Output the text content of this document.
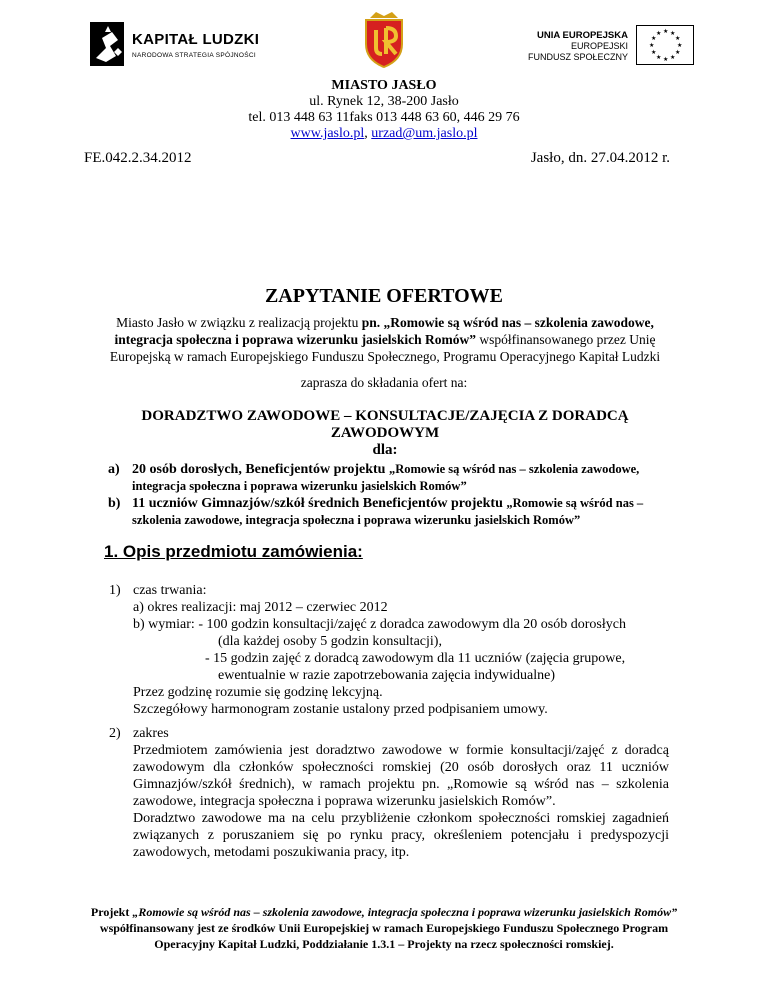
KAPITAŁ LUDZKI
NARODOWA STRATEGIA SPÓJNOŚCI
UNIA EUROPEJSKA
EUROPEJSKI
FUNDUSZ SPOŁECZNY
★ ★
★
★
★
★
★
★
★
★
★
★
MIASTO JASŁO
ul. Rynek 12, 38-200 Jasło
tel. 013 448 63 11faks 013 448 63 60, 446 29 76
www.jaslo.pl, urzad@um.jaslo.pl
FE.042.2.34.2012	Jasło, dn. 27.04.2012 r.
ZAPYTANIE OFERTOWE
Miasto Jasło w związku z realizacją projektu pn. „Romowie są wśród nas – szkolenia zawodowe, integracja społeczna i poprawa wizerunku jasielskich Romów” współfinansowanego przez Unię Europejską w ramach Europejskiego Funduszu Społecznego, Programu Operacyjnego Kapitał Ludzki
zaprasza do składania ofert na:
DORADZTWO ZAWODOWE – KONSULTACJE/ZAJĘCIA Z DORADCĄ
ZAWODOWYM
dla:
a) 20 osób dorosłych, Beneficjentów projektu „Romowie są wśród nas – szkolenia zawodowe, integracja społeczna i poprawa wizerunku jasielskich Romów”
b) 11 uczniów Gimnazjów/szkół średnich Beneficjentów projektu „Romowie są wśród nas – szkolenia zawodowe, integracja społeczna i poprawa wizerunku jasielskich Romów”
1. Opis przedmiotu zamówienia:
1) czas trwania:
a) okres realizacji: maj 2012 – czerwiec 2012
b) wymiar: - 100 godzin konsultacji/zajęć z doradca zawodowym dla 20 osób dorosłych
(dla każdej osoby 5 godzin konsultacji),
- 15 godzin zajęć z doradcą zawodowym dla 11 uczniów (zajęcia grupowe,
ewentualnie w razie zapotrzebowania zajęcia indywidualne)
Przez godzinę rozumie się godzinę lekcyjną.
Szczegółowy harmonogram zostanie ustalony przed podpisaniem umowy.
2) zakres
Przedmiotem zamówienia jest doradztwo zawodowe w formie konsultacji/zajęć z doradcą zawodowym dla członków społeczności romskiej (20 osób dorosłych oraz 11 uczniów Gimnazjów/szkół średnich), w ramach projektu pn. „Romowie są wśród nas – szkolenia zawodowe, integracja społeczna i poprawa wizerunku jasielskich Romów”.
Doradztwo zawodowe ma na celu przybliżenie członkom społeczności romskiej zagadnień związanych z poruszaniem się po rynku pracy, określeniem potencjału i predyspozycji zawodowych, metodami poszukiwania pracy, itp.
Projekt „Romowie są wśród nas – szkolenia zawodowe, integracja społeczna i poprawa wizerunku jasielskich Romów” współfinansowany jest ze środków Unii Europejskiej w ramach Europejskiego Funduszu Społecznego Program Operacyjny Kapitał Ludzki, Poddziałanie 1.3.1 – Projekty na rzecz społeczności romskiej.
